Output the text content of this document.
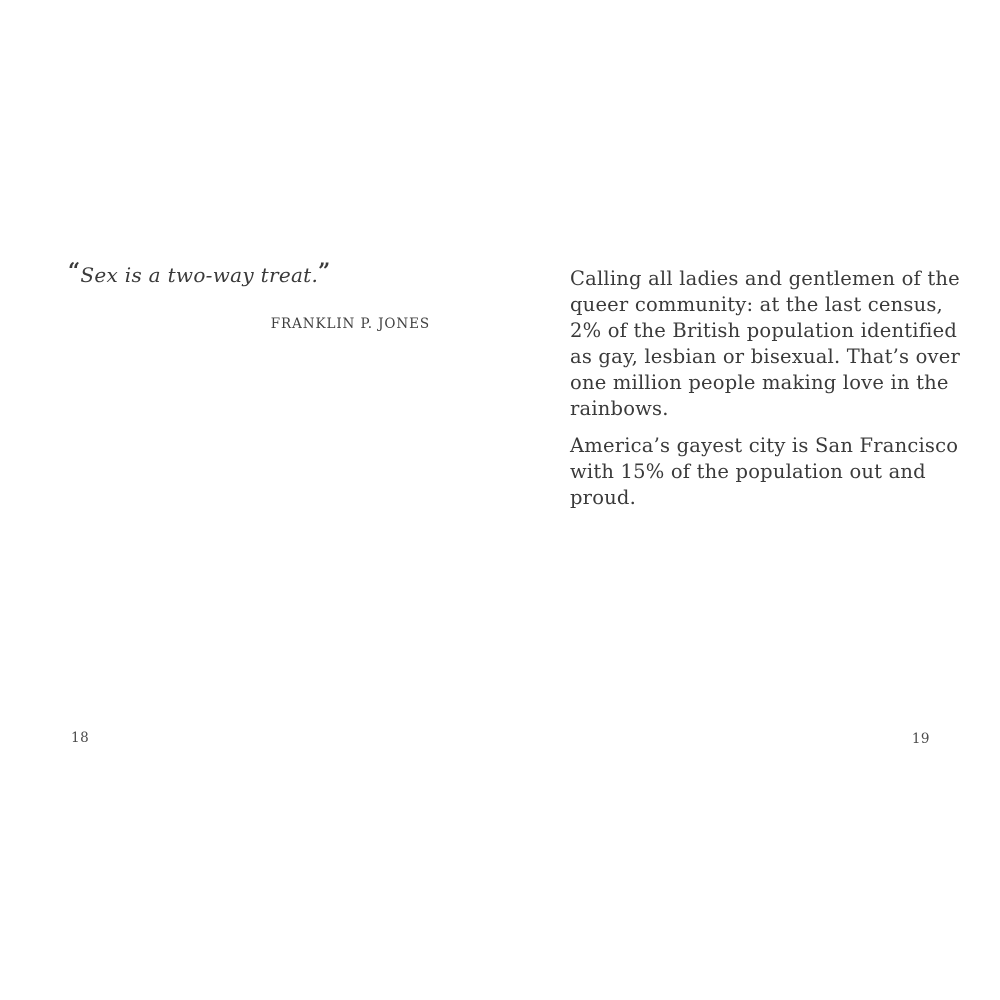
“Sex is a two-way treat.”
FRANKLIN P. JONES
18

Calling all ladies and gentlemen of the
queer community: at the last census,
2% of the British population identified
as gay, lesbian or bisexual. That’s over
one million people making love in the
rainbows.

America’s gayest city is San Francisco
with 15% of the population out and
proud.

19
